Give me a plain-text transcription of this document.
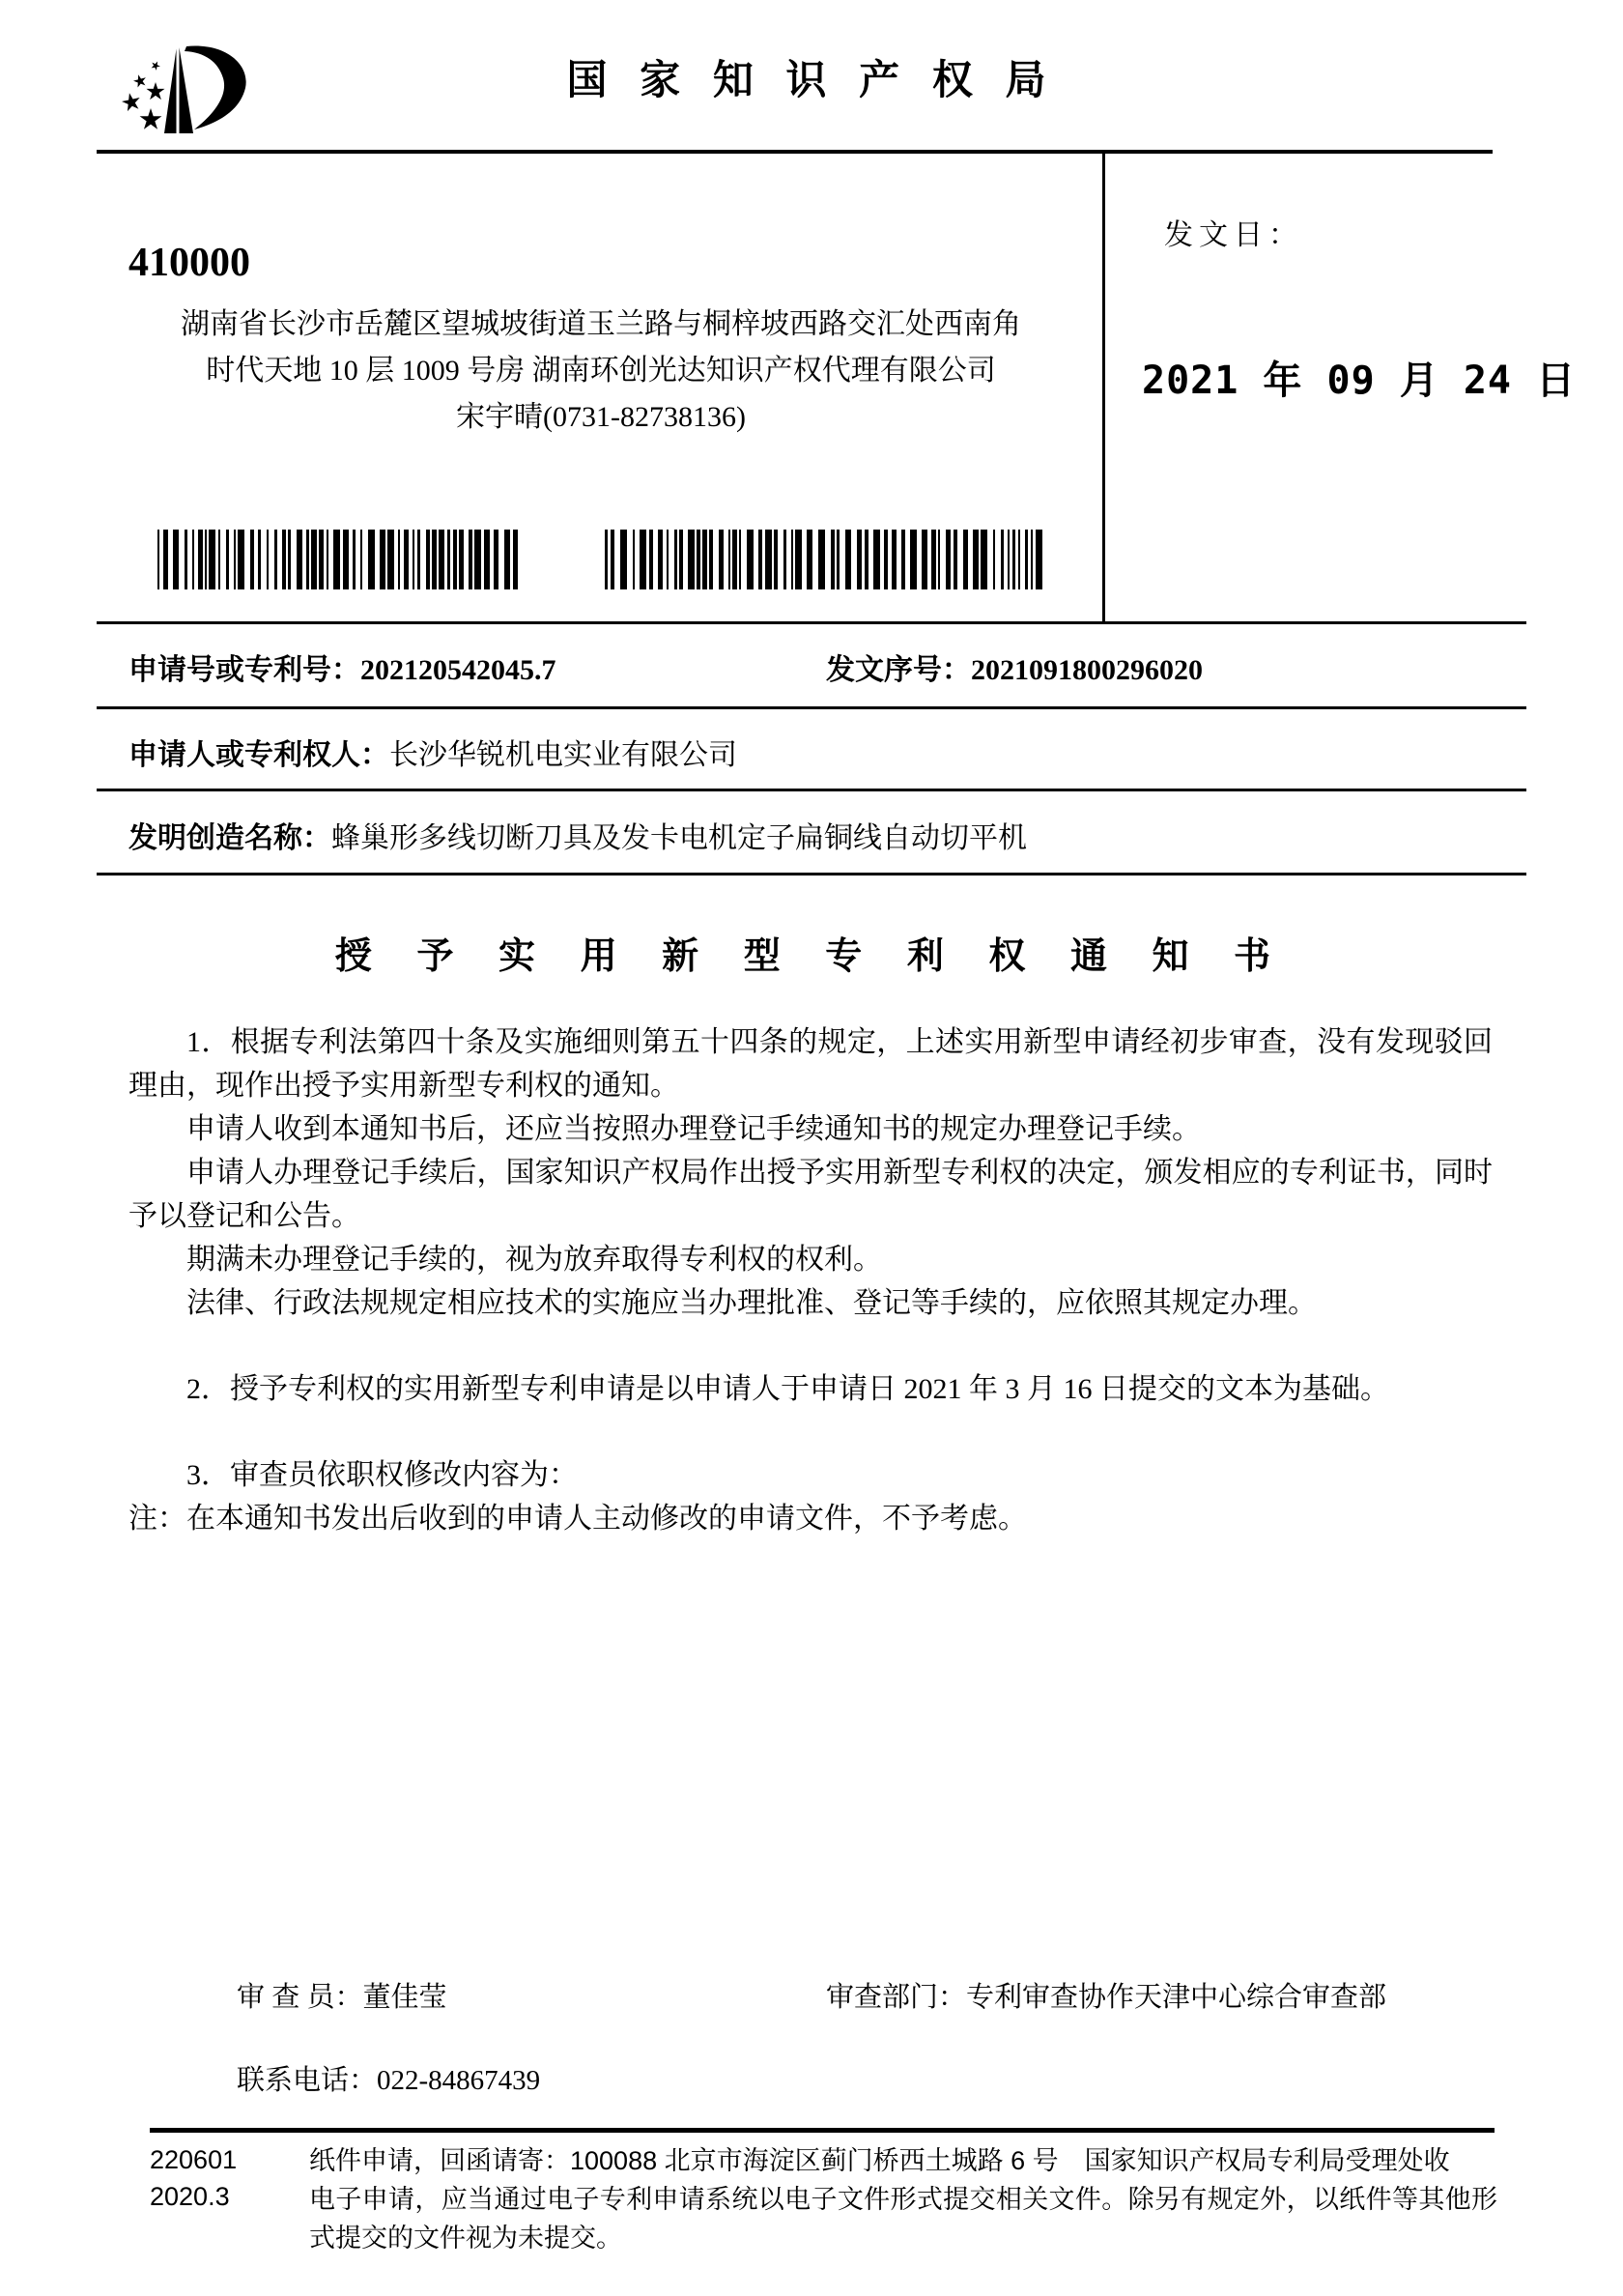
国 家 知 识 产 权 局
发文日：
2021 年 09 月 24 日
410000
湖南省长沙市岳麓区望城坡街道玉兰路与桐梓坡西路交汇处西南角
时代天地 10 层 1009 号房 湖南环创光达知识产权代理有限公司
宋宇晴(0731-82738136)
申请号或专利号：202120542045.7	发文序号：2021091800296020
申请人或专利权人：长沙华锐机电实业有限公司
发明创造名称：蜂巢形多线切断刀具及发卡电机定子扁铜线自动切平机
授 予 实 用 新 型 专 利 权 通 知 书

1．根据专利法第四十条及实施细则第五十四条的规定，上述实用新型申请经初步审查，没有发现驳回理由，现作出授予实用新型专利权的通知。

申请人收到本通知书后，还应当按照办理登记手续通知书的规定办理登记手续。

申请人办理登记手续后，国家知识产权局作出授予实用新型专利权的决定，颁发相应的专利证书，同时予以登记和公告。

期满未办理登记手续的，视为放弃取得专利权的权利。

法律、行政法规规定相应技术的实施应当办理批准、登记等手续的，应依照其规定办理。

2．授予专利权的实用新型专利申请是以申请人于申请日 2021 年 3 月 16 日提交的文本为基础。

3．审查员依职权修改内容为：

注：在本通知书发出后收到的申请人主动修改的申请文件，不予考虑。

审 查 员：董佳莹	审查部门：专利审查协作天津中心综合审查部
联系电话：022-84867439
220601
2020.3

纸件申请，回函请寄：100088 北京市海淀区蓟门桥西土城路 6 号　国家知识产权局专利局受理处收

电子申请，应当通过电子专利申请系统以电子文件形式提交相关文件。除另有规定外，以纸件等其他形式提交的文件视为未提交。
